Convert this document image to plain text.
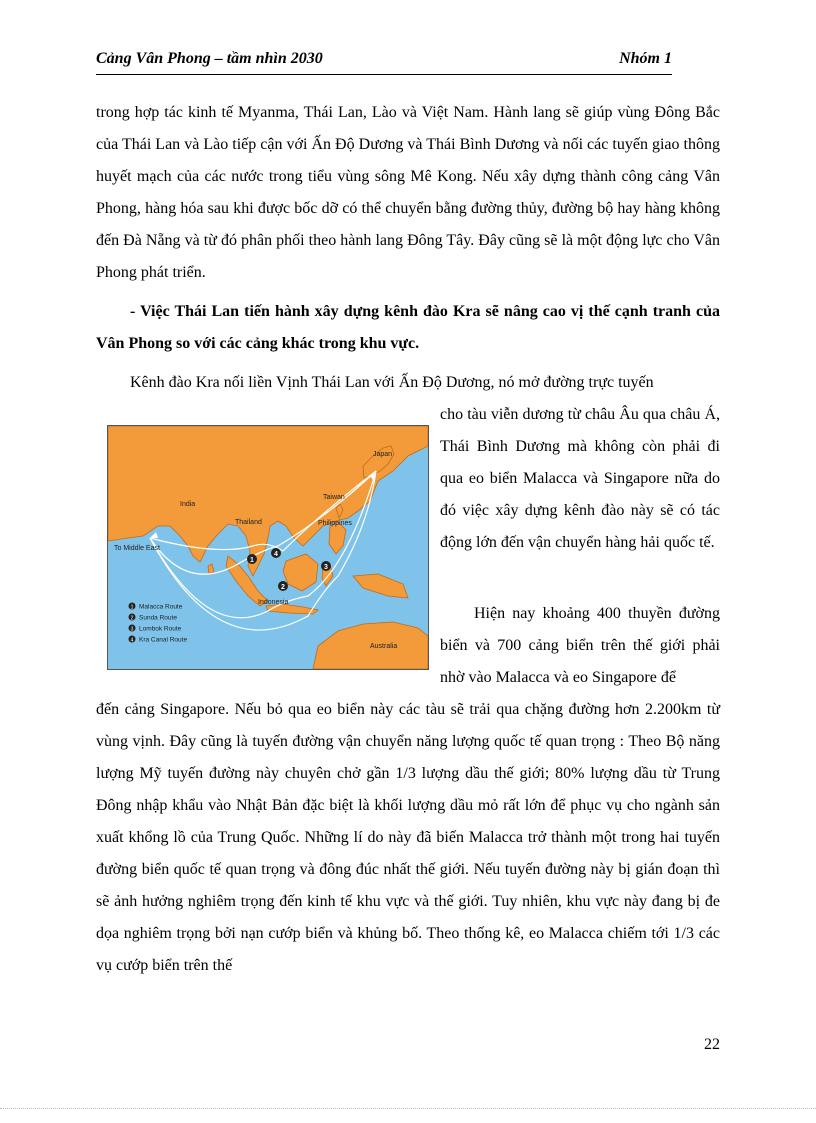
Cảng Vân Phong – tầm nhìn 2030	Nhóm 1

trong hợp tác kinh tế Myanma, Thái Lan, Lào và Việt Nam. Hành lang sẽ giúp vùng Đông Bắc của Thái Lan và Lào tiếp cận với Ấn Độ Dương và Thái Bình Dương và nối các tuyến giao thông huyết mạch của các nước trong tiểu vùng sông Mê Kong. Nếu xây dựng thành công cảng Vân Phong, hàng hóa sau khi được bốc dỡ có thể chuyển bằng đường thủy, đường bộ hay hàng không đến Đà Nẵng và từ đó phân phối theo hành lang Đông Tây. Đây cũng sẽ là một động lực cho Vân Phong phát triển.

- Việc Thái Lan tiến hành xây dựng kênh đào Kra sẽ nâng cao vị thế cạnh tranh của Vân Phong so với các cảng khác trong khu vực.

Kênh đào Kra nối liền Vịnh Thái Lan với Ấn Độ Dương, nó mở đường trực tuyến

1
2
3
4
Japan
Taiwan
India
Thailand	Philippines
To Middle East
Indonesia
Australia
1 Malacca Route
2 Sunda Route
3 Lombok Route
4 Kra Canal Route

cho tàu viễn dương từ châu Âu qua châu Á, Thái Bình Dương mà không còn phải đi qua eo biển Malacca và Singapore nữa do đó việc xây dựng kênh đào này sẽ có tác động lớn đến vận chuyển hàng hải quốc tế.

Hiện nay khoảng 400 thuyền đường biển và 700 cảng biển trên thế giới phải nhờ vào Malacca và eo Singapore để

đến cảng Singapore. Nếu bỏ qua eo biển này các tàu sẽ trải qua chặng đường hơn 2.200km từ vùng vịnh. Đây cũng là tuyến đường vận chuyển năng lượng quốc tế quan trọng : Theo Bộ năng lượng Mỹ tuyến đường này chuyên chở gần 1/3 lượng dầu thế giới; 80% lượng dầu từ Trung Đông nhập khẩu vào Nhật Bản đặc biệt là khối lượng dầu mỏ rất lớn để phục vụ cho ngành sản xuất khổng lồ của Trung Quốc. Những lí do này đã biến Malacca trở thành một trong hai tuyến đường biển quốc tế quan trọng và đông đúc nhất thế giới. Nếu tuyến đường này bị gián đoạn thì sẽ ảnh hưởng nghiêm trọng đến kinh tế khu vực và thế giới. Tuy nhiên, khu vực này đang bị đe dọa nghiêm trọng bởi nạn cướp biển và khủng bố. Theo thống kê, eo Malacca chiếm tới 1/3 các vụ cướp biển trên thế

22
